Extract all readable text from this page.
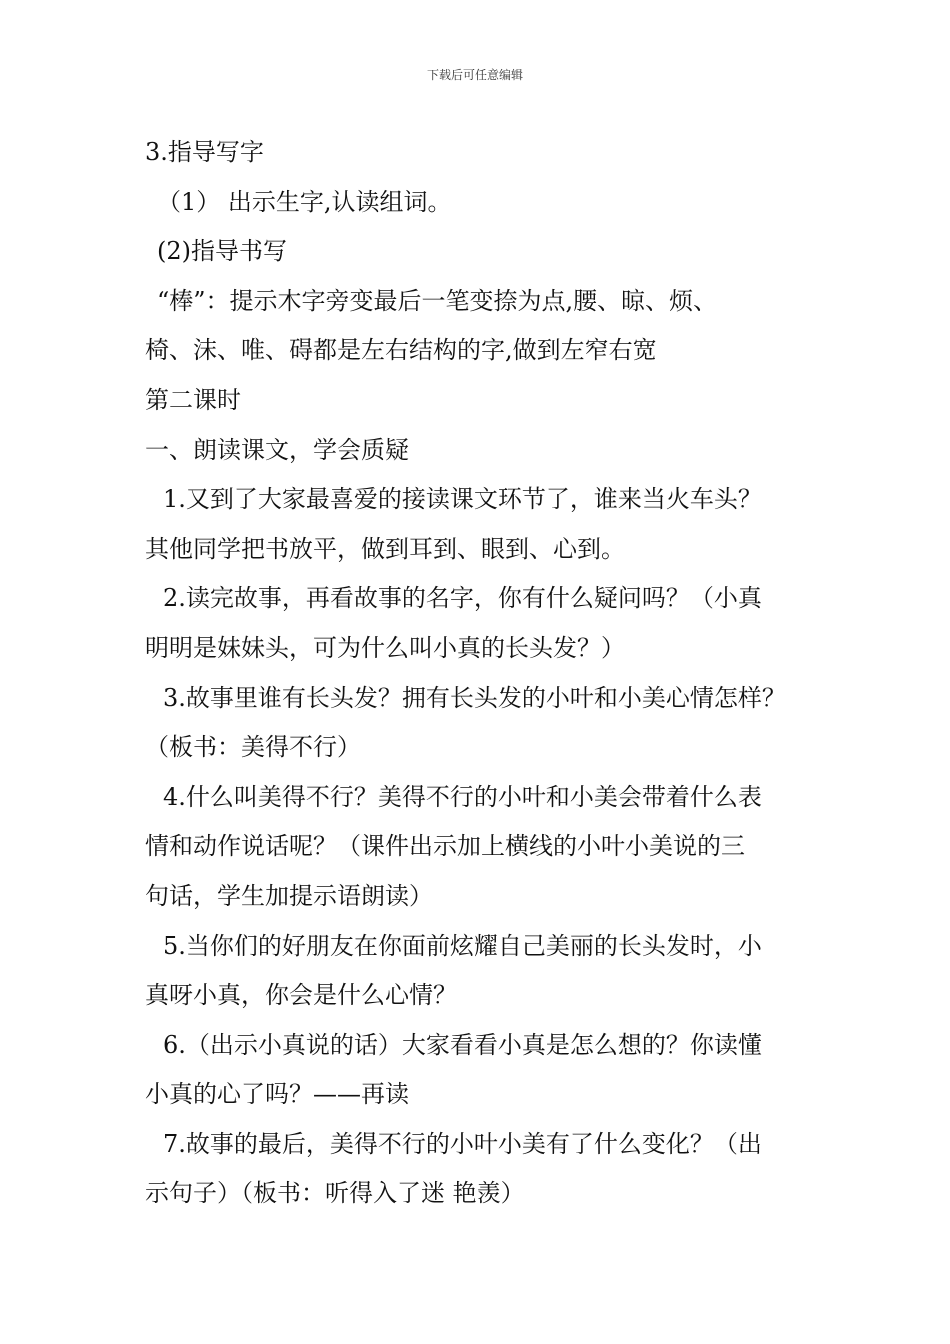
下载后可任意编辑
3.指导写字
（1） 出示生字,认读组词。
(2)指导书写
“棒”：提示木字旁变最后一笔变捺为点,腰、晾、烦、
椅、沫、唯、碍都是左右结构的字,做到左窄右宽
第二课时
一、朗读课文，学会质疑
1.又到了大家最喜爱的接读课文环节了，谁来当火车头？
其他同学把书放平，做到耳到、眼到、心到。
2.读完故事，再看故事的名字，你有什么疑问吗？（小真
明明是妹妹头，可为什么叫小真的长头发？）
3.故事里谁有长头发？拥有长头发的小叶和小美心情怎样？
（板书：美得不行）
4.什么叫美得不行？美得不行的小叶和小美会带着什么表
情和动作说话呢？（课件出示加上横线的小叶小美说的三
句话，学生加提示语朗读）
5.当你们的好朋友在你面前炫耀自己美丽的长头发时，小
真呀小真，你会是什么心情？
6.（出示小真说的话）大家看看小真是怎么想的？你读懂
小真的心了吗？——再读
7.故事的最后，美得不行的小叶小美有了什么变化？（出
示句子）（板书：听得入了迷 艳羡）
